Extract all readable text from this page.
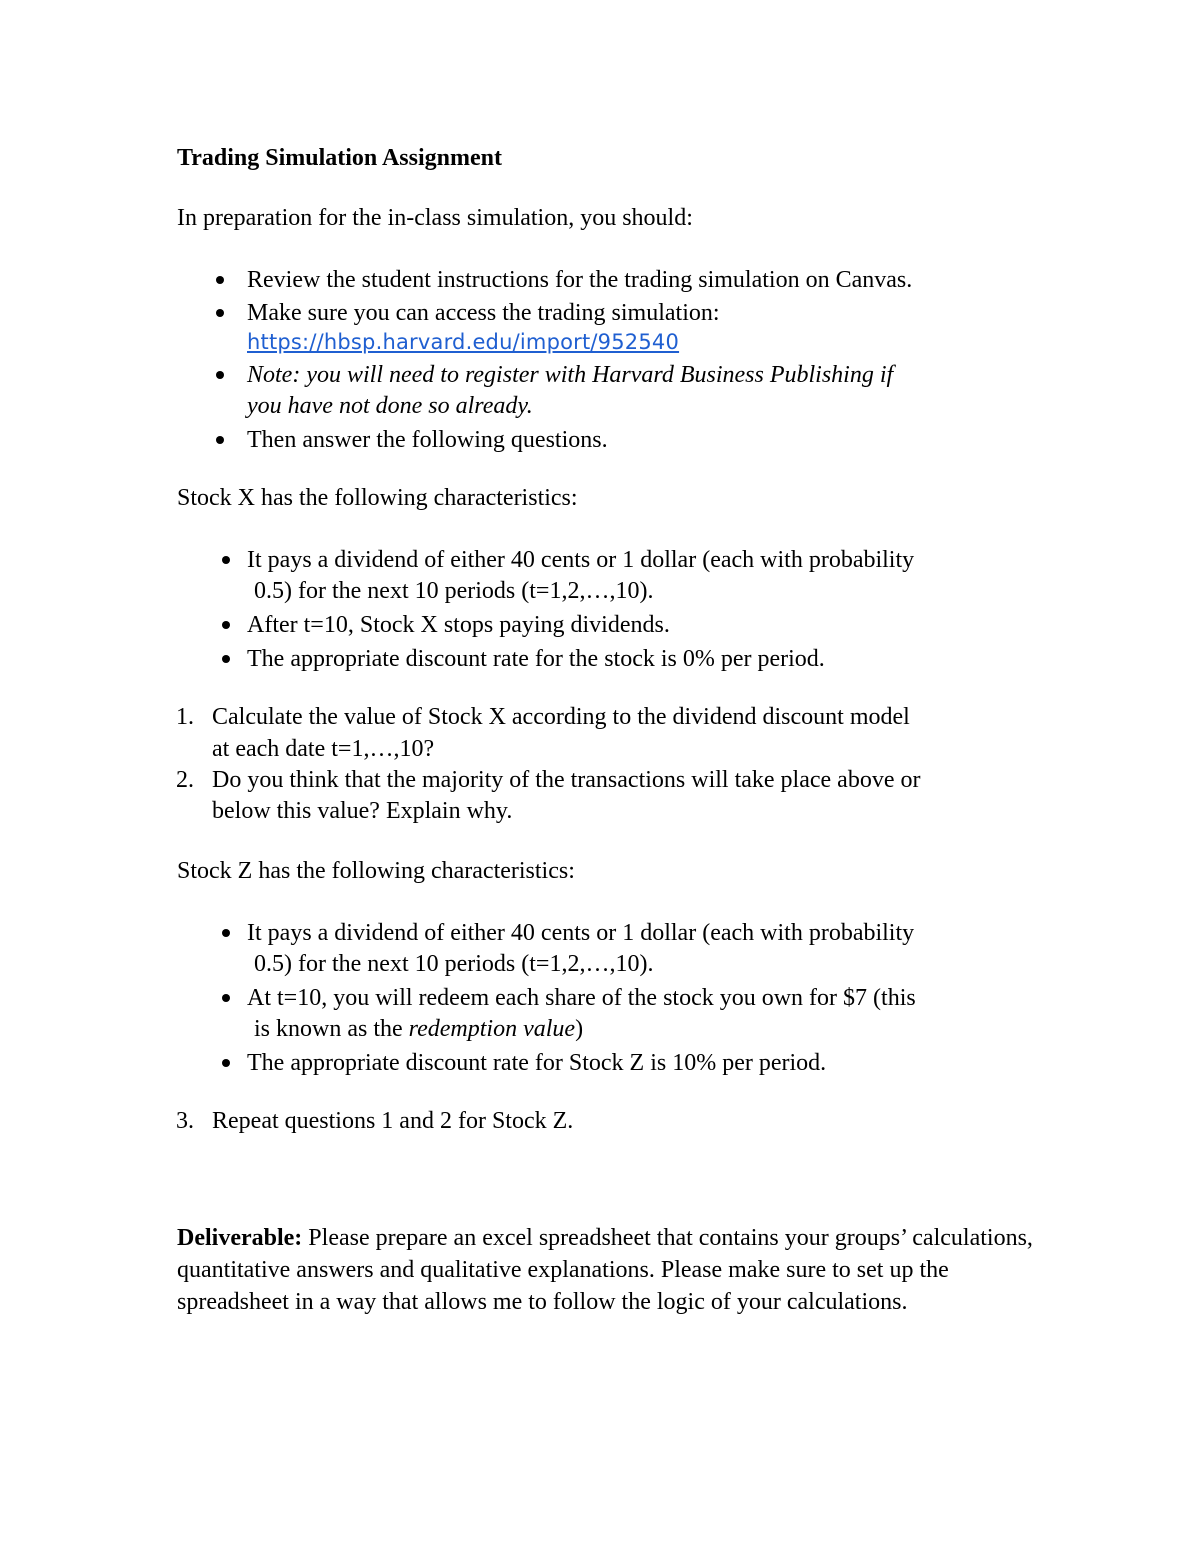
Trading Simulation Assignment

In preparation for the in-class simulation, you should:

Review the student instructions for the trading simulation on Canvas.

Make sure you can access the trading simulation:

https://hbsp.harvard.edu/import/952540

Note: you will need to register with Harvard Business Publishing if

you have not done so already.

Then answer the following questions.

Stock X has the following characteristics:

It pays a dividend of either 40 cents or 1 dollar (each with probability

0.5) for the next 10 periods (t=1,2,…,10).

After t=10, Stock X stops paying dividends.

The appropriate discount rate for the stock is 0% per period.

1. Calculate the value of Stock X according to the dividend discount model

at each date t=1,…,10?

2. Do you think that the majority of the transactions will take place above or

below this value? Explain why.

Stock Z has the following characteristics:

It pays a dividend of either 40 cents or 1 dollar (each with probability

0.5) for the next 10 periods (t=1,2,…,10).

At t=10, you will redeem each share of the stock you own for $7 (this

is known as the redemption value)

The appropriate discount rate for Stock Z is 10% per period.

3. Repeat questions 1 and 2 for Stock Z.

Deliverable: Please prepare an excel spreadsheet that contains your groups’ calculations, quantitative answers and qualitative explanations. Please make sure to set up the spreadsheet in a way that allows me to follow the logic of your calculations.
